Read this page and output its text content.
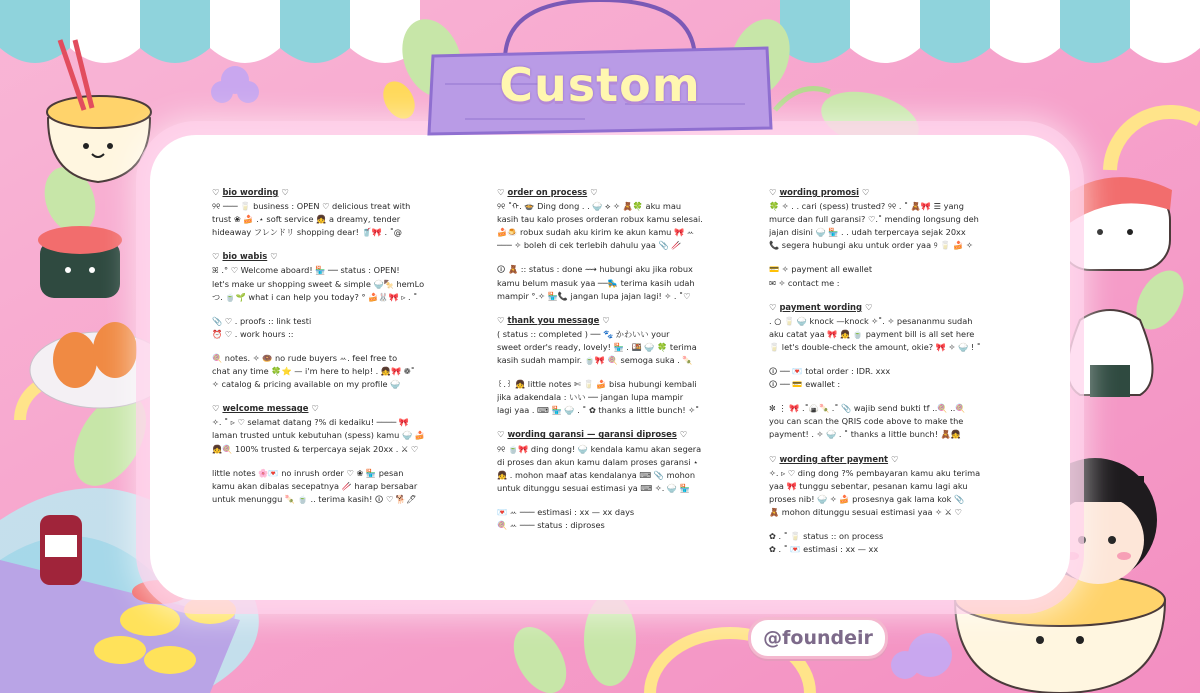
Custom
♡ bio wording ♡
୨୧ ─── 🥛 business : OPEN ♡ delicious treat with
trust ❀ 🍰 .⋆ soft service 👧 a dreamy, tender
hideaway フレンドリ shopping dear! 🥤🎀 . ˚@
♡ bio wabis ♡
ꕤ .° ♡ Welcome aboard! 🏪 ── status : OPEN!
let's make ur shopping sweet & simple 🍚🍢 hemLo
つ. 🍵🌱 what i can help you today? ° 🍰🐰🎀 ▹ . ˚
📎 ♡ . proofs :: link testi
⏰ ♡ . work hours ::
🍭 notes. ✧ 🍩 no rude buyers ꕀ. feel free to
chat any time 🍀⭐ — i'm here to help! . 👧🎀 ❁˚
✧ catalog & pricing available on my profile 🍚
♡ welcome message ♡
✧. ˚ ▹ ♡ selamat datang ?% di kedaiku! ──── 🎀
laman trusted untuk kebutuhan (spess) kamu 🍚 🍰
👧🍭 100% trusted & terpercaya sejak 20xx . ⚔ ♡
little notes 🌸💌 no inrush order ♡ ❀ 🏪 pesan
kamu akan dibalas secepatnya 🥢 harap bersabar
untuk menunggu 🍡 🍵 .. terima kasih! 🛈 ♡ 🐕🖊
♡ order on process ♡
୨୧ ˚ᡣ. 🍲 Ding dong . . 🍚 ⟡ ✧ 🧸🍀 aku mau
kasih tau kalo proses orderan robux kamu selesai.
🍰🍮 robux sudah aku kirim ke akun kamu 🎀 ꕀ
─── ✧ boleh di cek terlebih dahulu yaa 📎 🥢
🛈 🧸 :: status : done ⟿ hubungi aku jika robux
kamu belum masuk yaa ──🛼 terima kasih udah
mampir °.✧ 🏪📞 jangan lupa jajan lagi! ✧ . ˚♡
♡ thank you message ♡
( status :: completed ) ── 🐾 かわいい your
sweet order's ready, lovely! 🏪 . 🍱 🍚 🍀 terima
kasih sudah mampir. 🍵🎀 🍭 semoga suka . 🍡
꒰.꒱ 👧 little notes ✄ 🥛 🍰 bisa hubungi kembali
jika adakendala : いい ── jangan lupa mampir
lagi yaa . ⌨ 🏪 🍚 . ˚ ✿ thanks a little bunch! ✧˚
♡ wording garansi — garansi diproses ♡
୨୧ 🍵🎀 ding dong! 🍚 kendala kamu akan segera
di proses dan akun kamu dalam proses garansi ⋆
👧 . mohon maaf atas kendalanya ⌨ 📎 mohon
untuk ditunggu sesuai estimasi ya ⌨ ✧. 🍚 🏪
💌 ꕀ ─── estimasi : xx — xx days
🍭 ꕀ ─── status : diproses
♡ wording promosi ♡
🍀 ✧ . . cari (spess) trusted? ୨୧ . ˚ 🧸🎀 ☰ yang
murce dan full garansi? ♡.˚ mending longsung deh
jajan disini 🍚 🏪 . . udah terpercaya sejak 20xx
📞 segera hubungi aku untuk order yaa ୨ 🥛 🍰 ✧
💳 ✧ payment all ewallet
✉ ✧ contact me :
♡ payment wording ♡
. ○ 🥛 🍚 knock —knock ✧˚. ✧ pesananmu sudah
aku catat yaa 🎀 👧 🍵 payment bill is all set here
🥛 let's double-check the amount, okie? 🎀 ✧ 🍚 ! ˚
🛈 ── 💌 total order : IDR. xxx
🛈 ── 💳 ewallet :
✼ ⋮ 🎀 .˚🍙🍡 .˚ 📎 wajib send bukti tf ..🍭 ..🍭
you can scan the QRIS code above to make the
payment! . ✧ 🍚 . ˚ thanks a little bunch! 🧸👧
♡ wording after payment ♡
✧. ▹ ♡ ding dong ?% pembayaran kamu aku terima
yaa 🎀 tunggu sebentar, pesanan kamu lagi aku
proses nib! 🍚 ✧ 🍰 prosesnya gak lama kok 📎
🧸 mohon ditunggu sesuai estimasi yaa ✧ ⚔ ♡
✿ . ˚ 🥛 status :: on process
✿ . ˚ 💌 estimasi : xx — xx
@foundeir
